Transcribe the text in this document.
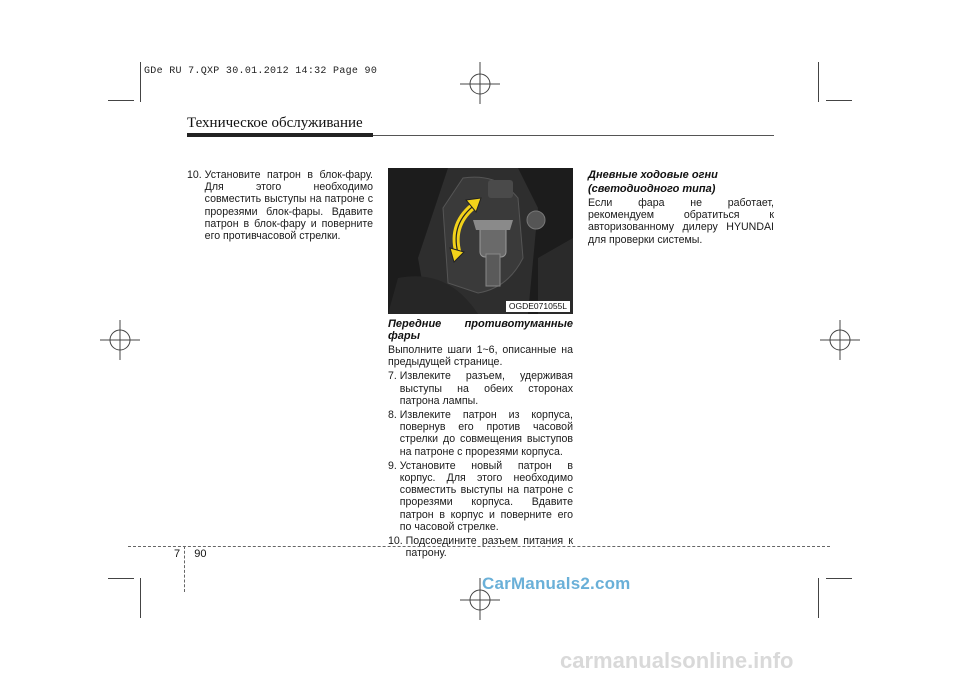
GDe RU 7.QXP 30.01.2012 14:32 Page 90
Техническое обслуживание
10. Установите патрон в блок-фару. Для этого необходимо совместить выступы на патроне с прорезями блок-фары. Вдавите патрон в блок-фару и поверните его противчасовой стрелки.
OGDE071055L
Передние противотуманные фары

Выполните шаги 1~6, описанные на предыдущей странице.

7. Извлеките разъем, удерживая выступы на обеих сторонах патрона лампы.
8. Извлеките патрон из корпуса, повернув его против часовой стрелки до совмещения выступов на патроне с прорезями корпуса.
9. Установите новый патрон в корпус. Для этого необходимо совместить выступы на патроне с прорезями корпуса. Вдавите патрон в корпус и поверните его по часовой стрелке.
10. Подсоедините разъем питания к патрону.
Дневные ходовые огни
(светодиодного типа)

Если фара не работает, рекомендуем обратиться к авторизованному дилеру HYUNDAI для проверки системы.

7 90
CarManuals2.com
carmanualsonline.info
